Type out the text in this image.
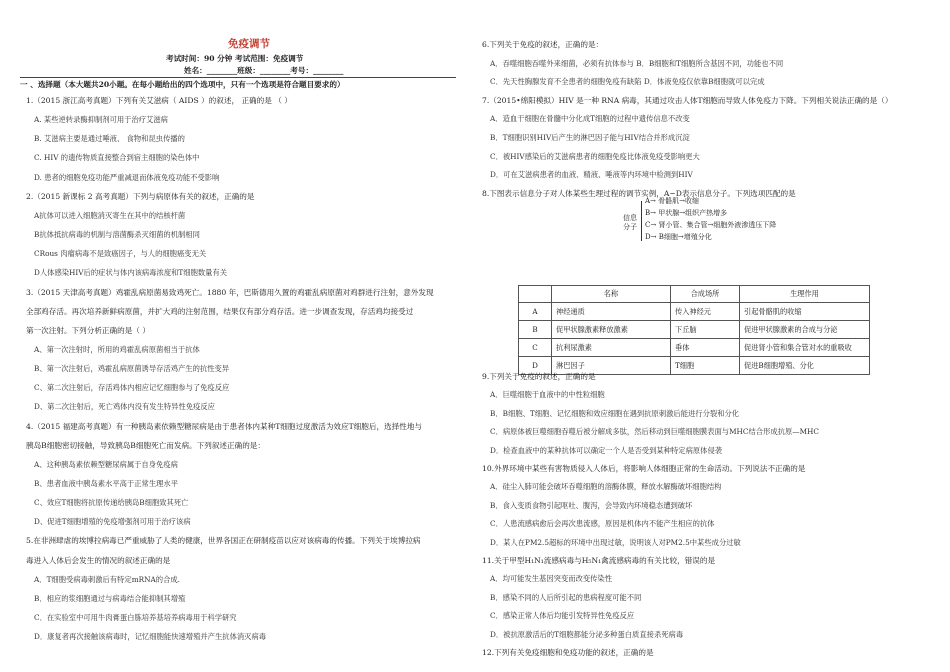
免疫调节
考试时间：90 分钟 考试范围：免疫调节
姓名：________班级：________考号：________
一 、选择题（本大题共20小题。在每小题给出的四个选项中，只有一个选项是符合题目要求的）
1.（2015 浙江高考真题）下列有关艾滋病（ AIDS ）的叙述， 正确的是 （ ）
A. 某些逆转录酶抑制剂可用于治疗艾滋病
B. 艾滋病主要是通过唾液、 食物和昆虫传播的
C. HIV 的遗传物质直接整合到宿主细胞的染色体中
D. 患者的细胞免疫功能严重减退而体液免疫功能不受影响
2.（2015 新课标 2 高考真题）下列与病原体有关的叙述，正确的是
A抗体可以进入细胞消灭寄生在其中的结核杆菌
B抗体抵抗病毒的机制与溶菌酶杀灭细菌的机制相同
CRous 肉瘤病毒不是致癌因子，与人的细胞癌变无关
D人体感染HIV后的症状与体内该病毒浓度和T细胞数量有关
3.（2015 天津高考真题）鸡霍乱病原菌易致鸡死亡。1880 年，巴斯德用久置的鸡霍乱病原菌对鸡群进行注射，意外发现
全部鸡存活。再次培养新鲜病原菌，并扩大鸡的注射范围，结果仅有部分鸡存活。进一步调查发现，存活鸡均接受过
第一次注射。下列分析正确的是（ ）
A、第一次注射时，所用的鸡霍乱病原菌相当于抗体
B、第一次注射后，鸡霍乱病原菌诱导存活鸡产生的抗性变异
C、第二次注射后，存活鸡体内相应记忆细胞参与了免疫反应
D、第二次注射后，死亡鸡体内没有发生特异性免疫反应
4.（2015 福建高考真题）有一种胰岛素依赖型糖尿病是由于患者体内某种T细胞过度激活为效应T细胞后，选择性地与
胰岛B细胞密切接触，导致胰岛B细胞死亡而发病。下列叙述正确的是：
A、这种胰岛素依赖型糖尿病属于自身免疫病
B、患者血液中胰岛素水平高于正常生理水平
C、效应T细胞将抗原传递给胰岛B细胞致其死亡
D、促进T细胞增殖的免疫增强剂可用于治疗该病
5.在非洲肆虐的埃博拉病毒已严重威胁了人类的健康，世界各国正在研制疫苗以应对该病毒的传播。下列关于埃博拉病
毒进入人体后会发生的情况的叙述正确的是
A．T细胞受病毒刺激后有特定mRNA的合成.
B．相应的浆细胞通过与病毒结合能抑制其增殖
C．在实验室中可用牛肉膏蛋白胨培养基培养病毒用于科学研究
D．康复者再次接触该病毒时，记忆细胞能快速增殖并产生抗体消灭病毒
6.下列关于免疫的叙述，正确的是：
A．吞噬细胞吞噬外来细菌，必须有抗体参与 B．B细胞和T细胞所含基因不同，功能也不同
C．先天性胸腺发育不全患者的细胞免疫有缺陷 D．体液免疫仅依靠B细胞就可以完成
7.（2015•绵阳模拟）HIV 是一种 RNA 病毒，其通过攻击人体T细胞而导致人体免疫力下降。下列相关说法正确的是（）
A．造血干细胞在骨髓中分化成T细胞的过程中遗传信息不改变
B．T细胞识别HIV后产生的淋巴因子能与HIV结合并形成沉淀
C．被HIV感染后的艾滋病患者的细胞免疫比体液免疫受影响更大
D．可在艾滋病患者的血液、精液、唾液等内环境中检测到HIV
8.下图表示信息分子对人体某些生理过程的调节实例，A~D表示信息分子。下列选项匹配的是
信息分子
A→ 骨骼肌→收缩
B→ 甲状腺→组织产热增多
C→ 肾小管、集合管→细胞外液渗透压下降
D→ B细胞→增殖分化
	名称	合成场所	生理作用
A	神经递质	传入神经元	引起骨骼肌的收缩
B	促甲状腺激素释放激素	下丘脑	促进甲状腺激素的合成与分泌
C	抗利尿激素	垂体	促进肾小管和集合管对水的重吸收
D	淋巴因子	T细胞	促进B细胞增殖、分化
9.下列关于免疫的叙述，正确的是
A．巨噬细胞于血液中的中性粒细胞
B．B细胞、T细胞、记忆细胞和效应细胞在遇到抗原刺激后能进行分裂和分化
C．病原体被巨噬细胞吞噬后被分解成多肽，然后移动到巨噬细胞膜表面与MHC结合形成抗原—MHC
D．检查血液中的某种抗体可以确定一个人是否受到某种特定病原体侵袭
10.外界环境中某些有害物质侵入人体后，将影响人体细胞正常的生命活动。下列说法不正确的是
A．硅尘入肺可能会破坏吞噬细胞的溶酶体膜，释放水解酶破坏细胞结构
B．食入变质食物引起呕吐、腹泻，会导致内环境稳态遭到破坏
C．人患流感病愈后会再次患流感，原因是机体内不能产生相应的抗体
D．某人在PM2.5超标的环境中出现过敏，说明该人对PM2.5中某些成分过敏
11.关于甲型H₁N₁流感病毒与H₅N₁禽流感病毒的有关比较，错误的是
A．均可能发生基因突变而改变传染性
B．感染不同的人后所引起的患病程度可能不同
C．感染正常人体后均能引发特异性免疫反应
D．被抗原激活后的T细胞都能分泌多种蛋白质直接杀死病毒
12.下列有关免疫细胞和免疫功能的叙述，正确的是
